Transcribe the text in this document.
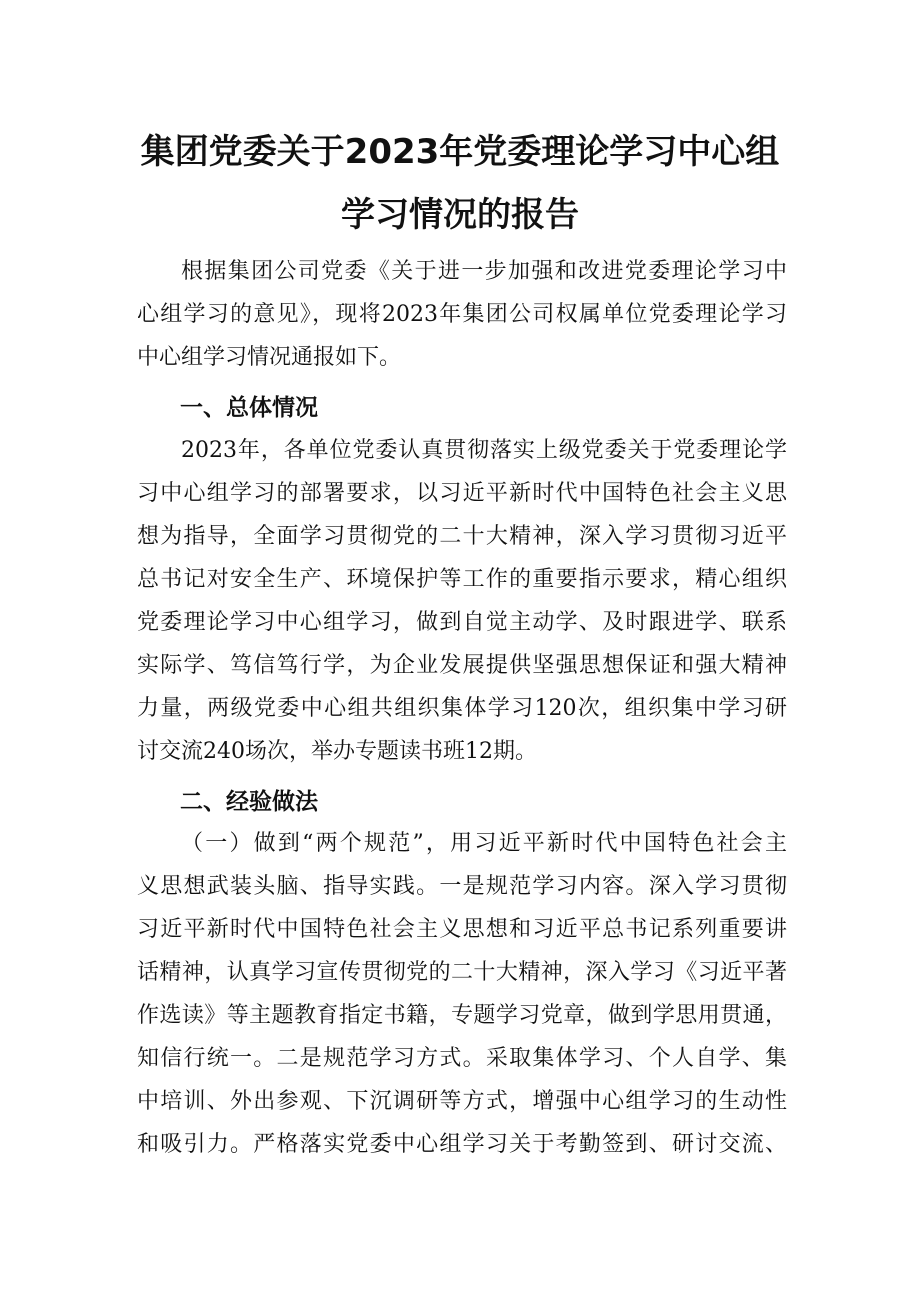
集团党委关于2023年党委理论学习中心组
学习情况的报告
根据集团公司党委《关于进一步加强和改进党委理论学习中
心组学习的意见》，现将2023年集团公司权属单位党委理论学习
中心组学习情况通报如下。
一、总体情况
2023年，各单位党委认真贯彻落实上级党委关于党委理论学
习中心组学习的部署要求，以习近平新时代中国特色社会主义思
想为指导，全面学习贯彻党的二十大精神，深入学习贯彻习近平
总书记对安全生产、环境保护等工作的重要指示要求，精心组织
党委理论学习中心组学习，做到自觉主动学、及时跟进学、联系
实际学、笃信笃行学，为企业发展提供坚强思想保证和强大精神
力量，两级党委中心组共组织集体学习120次，组织集中学习研
讨交流240场次，举办专题读书班12期。
二、经验做法
（一）做到“两个规范”，用习近平新时代中国特色社会主
义思想武装头脑、指导实践。一是规范学习内容。深入学习贯彻
习近平新时代中国特色社会主义思想和习近平总书记系列重要讲
话精神，认真学习宣传贯彻党的二十大精神，深入学习《习近平著
作选读》等主题教育指定书籍，专题学习党章，做到学思用贯通，
知信行统一。二是规范学习方式。采取集体学习、个人自学、集
中培训、外出参观、下沉调研等方式，增强中心组学习的生动性
和吸引力。严格落实党委中心组学习关于考勤签到、研讨交流、
